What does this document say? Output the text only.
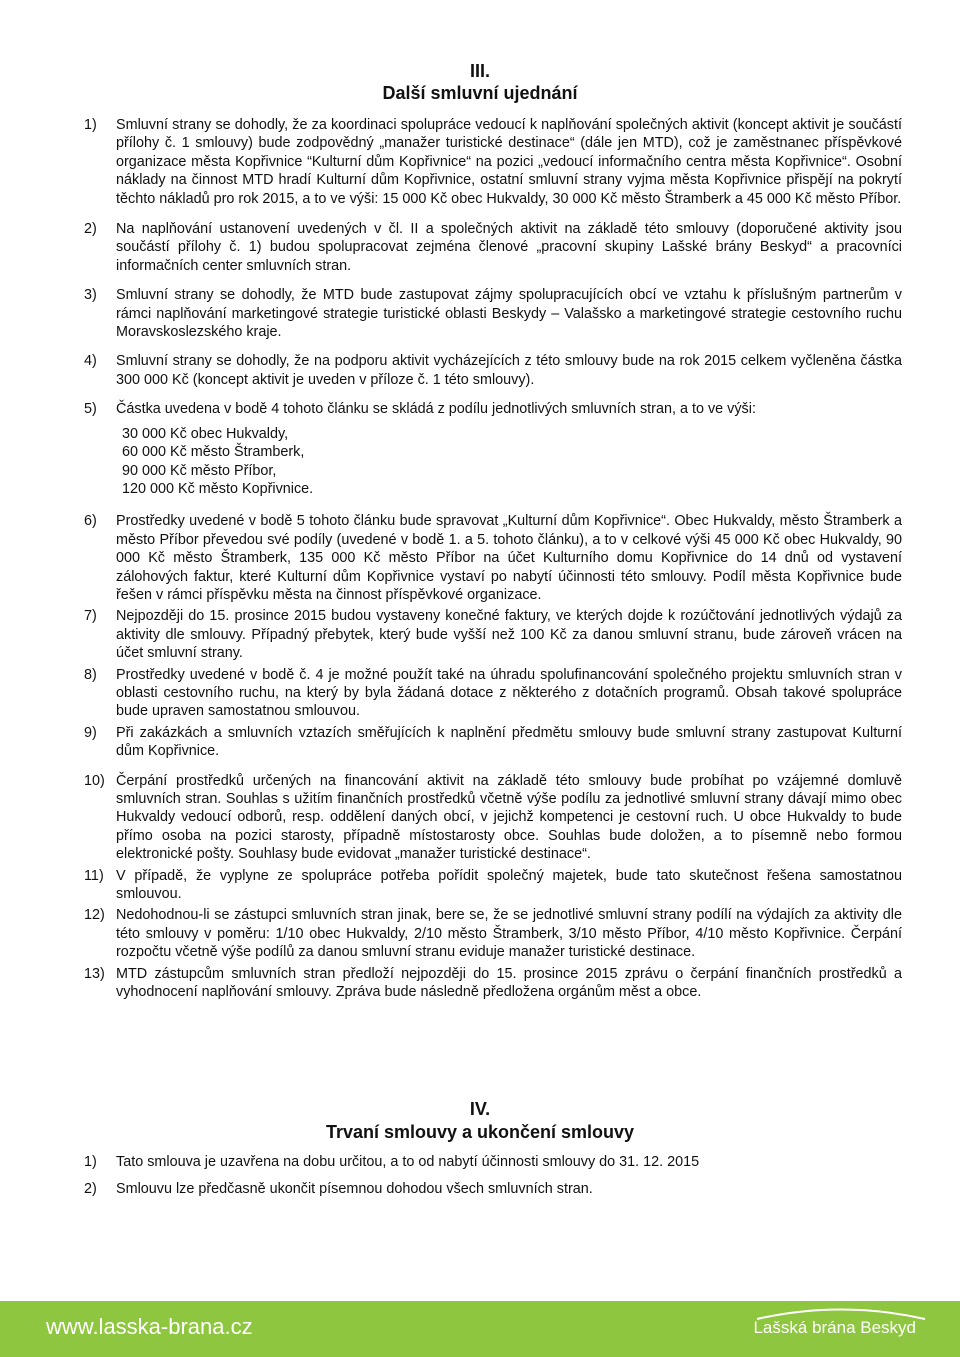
III.
Další smluvní ujednání
1)	Smluvní strany se dohodly, že za koordinaci spolupráce vedoucí k naplňování společných aktivit (koncept aktivit je součástí přílohy č. 1 smlouvy) bude zodpovědný „manažer turistické destinace“ (dále jen MTD), což je zaměstnanec příspěvkové organizace města Kopřivnice “Kulturní dům Kopřivnice“ na pozici „vedoucí informačního centra města Kopřivnice“. Osobní náklady na činnost MTD hradí Kulturní dům Kopřivnice, ostatní smluvní strany vyjma města Kopřivnice přispějí na pokrytí těchto nákladů pro rok 2015, a to ve výši: 15 000 Kč obec Hukvaldy, 30 000 Kč město Štramberk a 45 000 Kč město Příbor.
2)	Na naplňování ustanovení uvedených v čl. II a společných aktivit na základě této smlouvy (doporučené aktivity jsou součástí přílohy č. 1) budou spolupracovat zejména členové „pracovní skupiny Lašské brány Beskyd“ a pracovníci informačních center smluvních stran.
3)	Smluvní strany se dohodly, že MTD bude zastupovat zájmy spolupracujících obcí ve vztahu k příslušným partnerům v rámci naplňování marketingové strategie turistické oblasti Beskydy – Valašsko a marketingové strategie cestovního ruchu Moravskoslezského kraje.
4)	Smluvní strany se dohodly, že na podporu aktivit vycházejících z této smlouvy bude na rok 2015 celkem vyčleněna částka 300 000 Kč (koncept aktivit je uveden v příloze č. 1 této smlouvy).
5)	Částka uvedena v bodě 4 tohoto článku se skládá z podílu jednotlivých smluvních stran, a to ve výši:
30 000 Kč obec Hukvaldy,
60 000 Kč město Štramberk,
90 000 Kč město Příbor,
120 000 Kč město Kopřivnice.
6)	Prostředky uvedené v bodě 5 tohoto článku bude spravovat „Kulturní dům Kopřivnice“. Obec Hukvaldy, město Štramberk a město Příbor převedou své podíly (uvedené v bodě 1. a 5. tohoto článku), a to v celkové výši 45 000 Kč obec Hukvaldy, 90 000 Kč město Štramberk, 135 000 Kč město Příbor na účet Kulturního domu Kopřivnice do 14 dnů od vystavení zálohových faktur, které Kulturní dům Kopřivnice vystaví po nabytí účinnosti této smlouvy. Podíl města Kopřivnice bude řešen v rámci příspěvku města na činnost příspěvkové organizace.
7)	Nejpozději do 15. prosince 2015 budou vystaveny konečné faktury, ve kterých dojde k rozúčtování jednotlivých výdajů za aktivity dle smlouvy. Případný přebytek, který bude vyšší než 100 Kč za danou smluvní stranu, bude zároveň vrácen na účet smluvní strany.
8)	Prostředky uvedené v bodě č. 4 je možné použít také na úhradu spolufinancování společného projektu smluvních stran v oblasti cestovního ruchu, na který by byla žádaná dotace z některého z dotačních programů. Obsah takové spolupráce bude upraven samostatnou smlouvou.
9)	Při zakázkách a smluvních vztazích směřujících k naplnění předmětu smlouvy bude smluvní strany zastupovat Kulturní dům Kopřivnice.
10) Čerpání prostředků určených na financování aktivit na základě této smlouvy bude probíhat po vzájemné domluvě smluvních stran. Souhlas s užitím finančních prostředků včetně výše podílu za jednotlivé smluvní strany dávají mimo obec Hukvaldy vedoucí odborů, resp. oddělení daných obcí, v jejichž kompetenci je cestovní ruch. U obce Hukvaldy to bude přímo osoba na pozici starosty, případně místostarosty obce. Souhlas bude doložen, a to písemně nebo formou elektronické pošty. Souhlasy bude evidovat „manažer turistické destinace“.
11) V případě, že vyplyne ze spolupráce potřeba pořídit společný majetek, bude tato skutečnost řešena samostatnou smlouvou.
12) Nedohodnou-li se zástupci smluvních stran jinak, bere se, že se jednotlivé smluvní strany podílí na výdajích za aktivity dle této smlouvy v poměru: 1/10 obec Hukvaldy, 2/10 město Štramberk, 3/10 město Příbor, 4/10 město Kopřivnice. Čerpání rozpočtu včetně výše podílů za danou smluvní stranu eviduje manažer turistické destinace.
13) MTD zástupcům smluvních stran předloží nejpozději do 15. prosince 2015 zprávu o čerpání finančních prostředků a vyhodnocení naplňování smlouvy. Zpráva bude následně předložena orgánům měst a obce.
IV.
Trvaní smlouvy a ukončení smlouvy
1)	Tato smlouva je uzavřena na dobu určitou, a to od nabytí účinnosti smlouvy do 31. 12. 2015
2)	Smlouvu lze předčasně ukončit písemnou dohodou všech smluvních stran.
www.lasska-brana.cz	Lašská brána Beskyd
